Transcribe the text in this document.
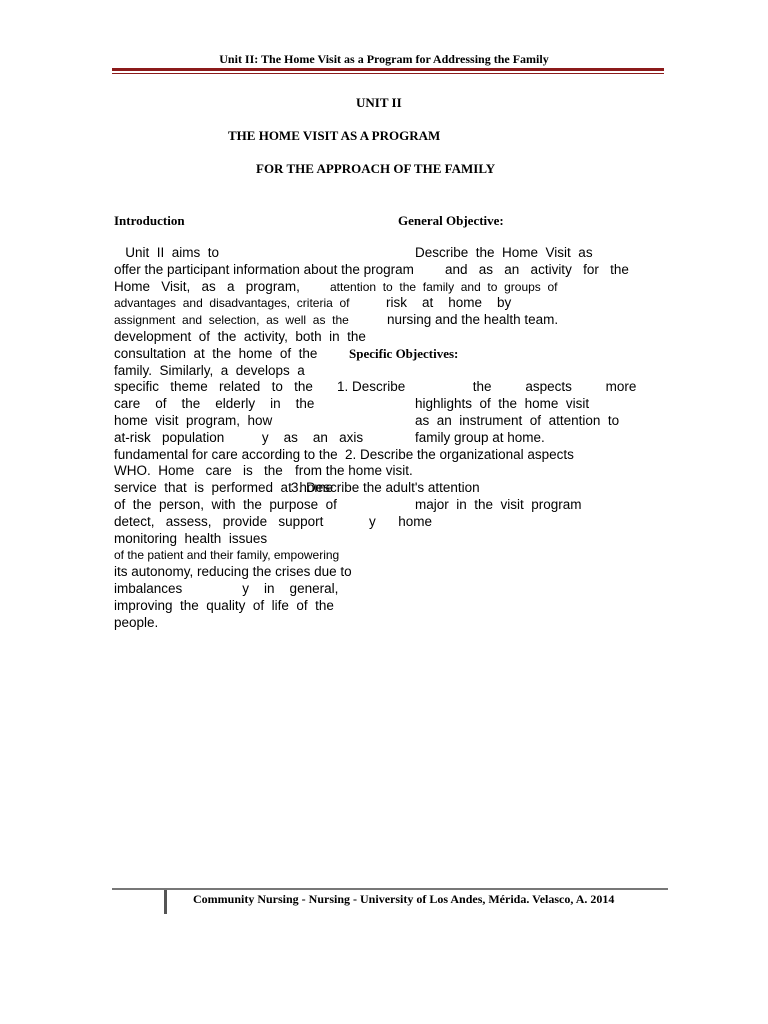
Unit II: The Home Visit as a Program for Addressing the Family
UNIT II
THE HOME VISIT AS A PROGRAM
FOR THE APPROACH OF THE FAMILY
Introduction	General Objective:
Unit  II  aims  to
offer the participant information about the program
Home   Visit,   as   a   program,
advantages  and  disadvantages,  criteria  of
assignment  and  selection,  as  well  as  the
development  of  the  activity,  both  in  the
consultation  at  the  home  of  the
family.  Similarly,  a  develops  a
specific   theme   related   to   the
care    of    the    elderly    in    the
home  visit  program,  how
at-risk   population          y    as    an   axis
fundamental for care according to the
WHO.  Home   care   is   the
service  that  is  performed  at  home
of  the  person,  with  the  purpose  of
detect,   assess,   provide   support
monitoring  health  issues
of the patient and their family, empowering
its autonomy, reducing the crises due to
imbalances                y    in    general,
improving  the  quality  of  life  of  the
people.
Describe  the  Home  Visit  as
and   as   an   activity   for   the
attention  to  the  family  and  to  groups  of
risk    at    home    by
nursing and the health team.
Specific Objectives:
1. Describe                  the         aspects         more
highlights  of  the  home  visit
as  an  instrument  of  attention  to
family group at home.
2. Describe the organizational aspects
from the home visit.
3. Describe the adult's attention
major  in  the  visit  program
y      home
Community Nursing - Nursing - University of Los Andes, Mérida. Velasco, A. 2014
